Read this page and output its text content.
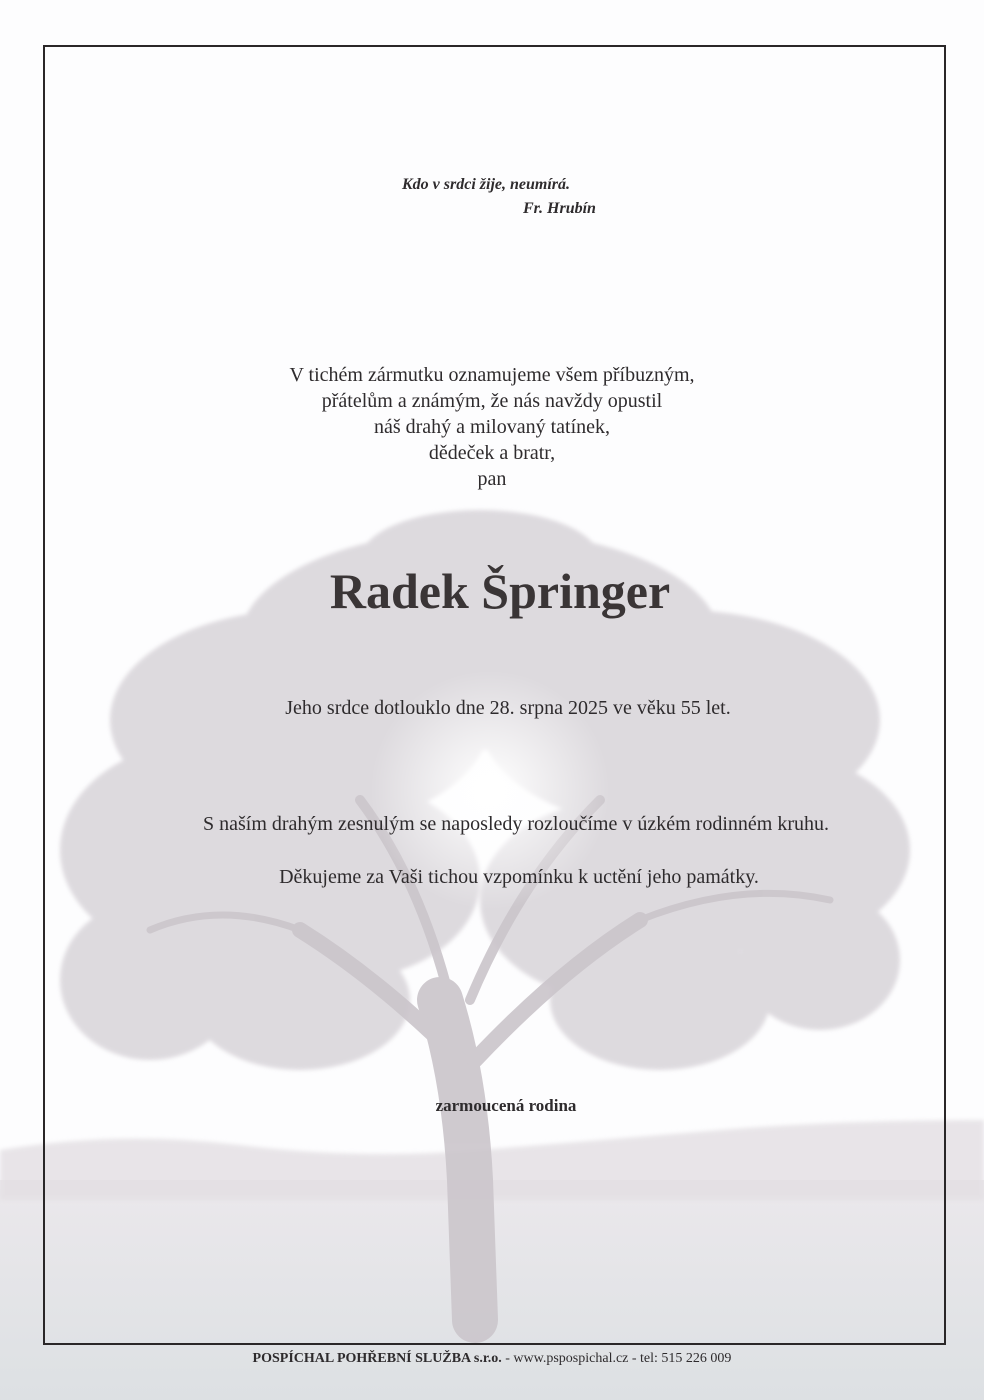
Kdo v srdci žije, neumírá.
Fr. Hrubín
V tichém zármutku oznamujeme všem příbuzným,
přátelům a známým, že nás navždy opustil
náš drahý a milovaný tatínek,
dědeček a bratr,
pan
Radek Špringer
Jeho srdce dotlouklo dne 28. srpna 2025 ve věku 55 let.
S naším drahým zesnulým se naposledy rozloučíme v úzkém rodinném kruhu.
Děkujeme za Vaši tichou vzpomínku k uctění jeho památky.
zarmoucená rodina
POSPÍCHAL POHŘEBNÍ SLUŽBA s.r.o. - www.pspospichal.cz - tel: 515 226 009
